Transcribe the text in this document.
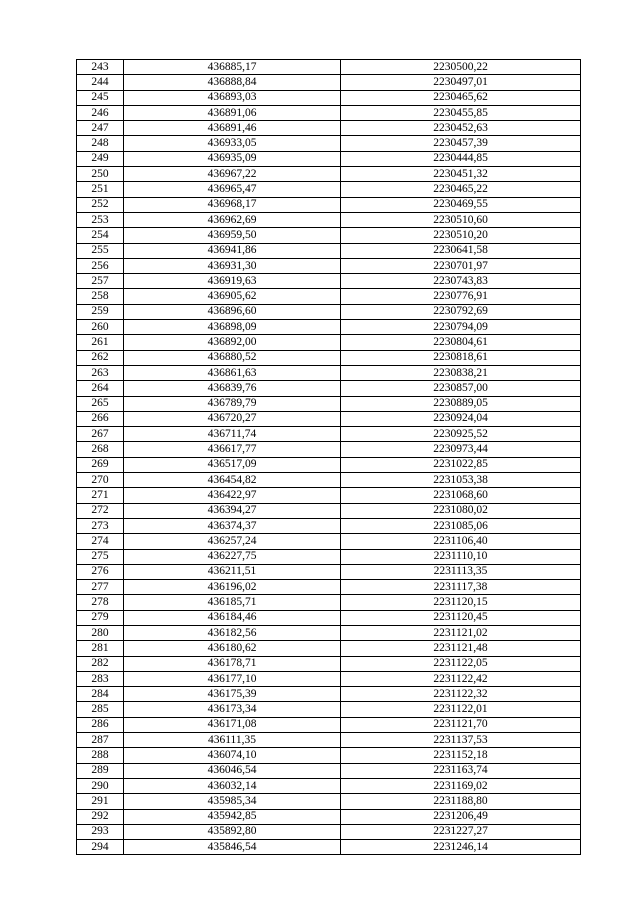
243	436885,17	2230500,22
244	436888,84	2230497,01
245	436893,03	2230465,62
246	436891,06	2230455,85
247	436891,46	2230452,63
248	436933,05	2230457,39
249	436935,09	2230444,85
250	436967,22	2230451,32
251	436965,47	2230465,22
252	436968,17	2230469,55
253	436962,69	2230510,60
254	436959,50	2230510,20
255	436941,86	2230641,58
256	436931,30	2230701,97
257	436919,63	2230743,83
258	436905,62	2230776,91
259	436896,60	2230792,69
260	436898,09	2230794,09
261	436892,00	2230804,61
262	436880,52	2230818,61
263	436861,63	2230838,21
264	436839,76	2230857,00
265	436789,79	2230889,05
266	436720,27	2230924,04
267	436711,74	2230925,52
268	436617,77	2230973,44
269	436517,09	2231022,85
270	436454,82	2231053,38
271	436422,97	2231068,60
272	436394,27	2231080,02
273	436374,37	2231085,06
274	436257,24	2231106,40
275	436227,75	2231110,10
276	436211,51	2231113,35
277	436196,02	2231117,38
278	436185,71	2231120,15
279	436184,46	2231120,45
280	436182,56	2231121,02
281	436180,62	2231121,48
282	436178,71	2231122,05
283	436177,10	2231122,42
284	436175,39	2231122,32
285	436173,34	2231122,01
286	436171,08	2231121,70
287	436111,35	2231137,53
288	436074,10	2231152,18
289	436046,54	2231163,74
290	436032,14	2231169,02
291	435985,34	2231188,80
292	435942,85	2231206,49
293	435892,80	2231227,27
294	435846,54	2231246,14
